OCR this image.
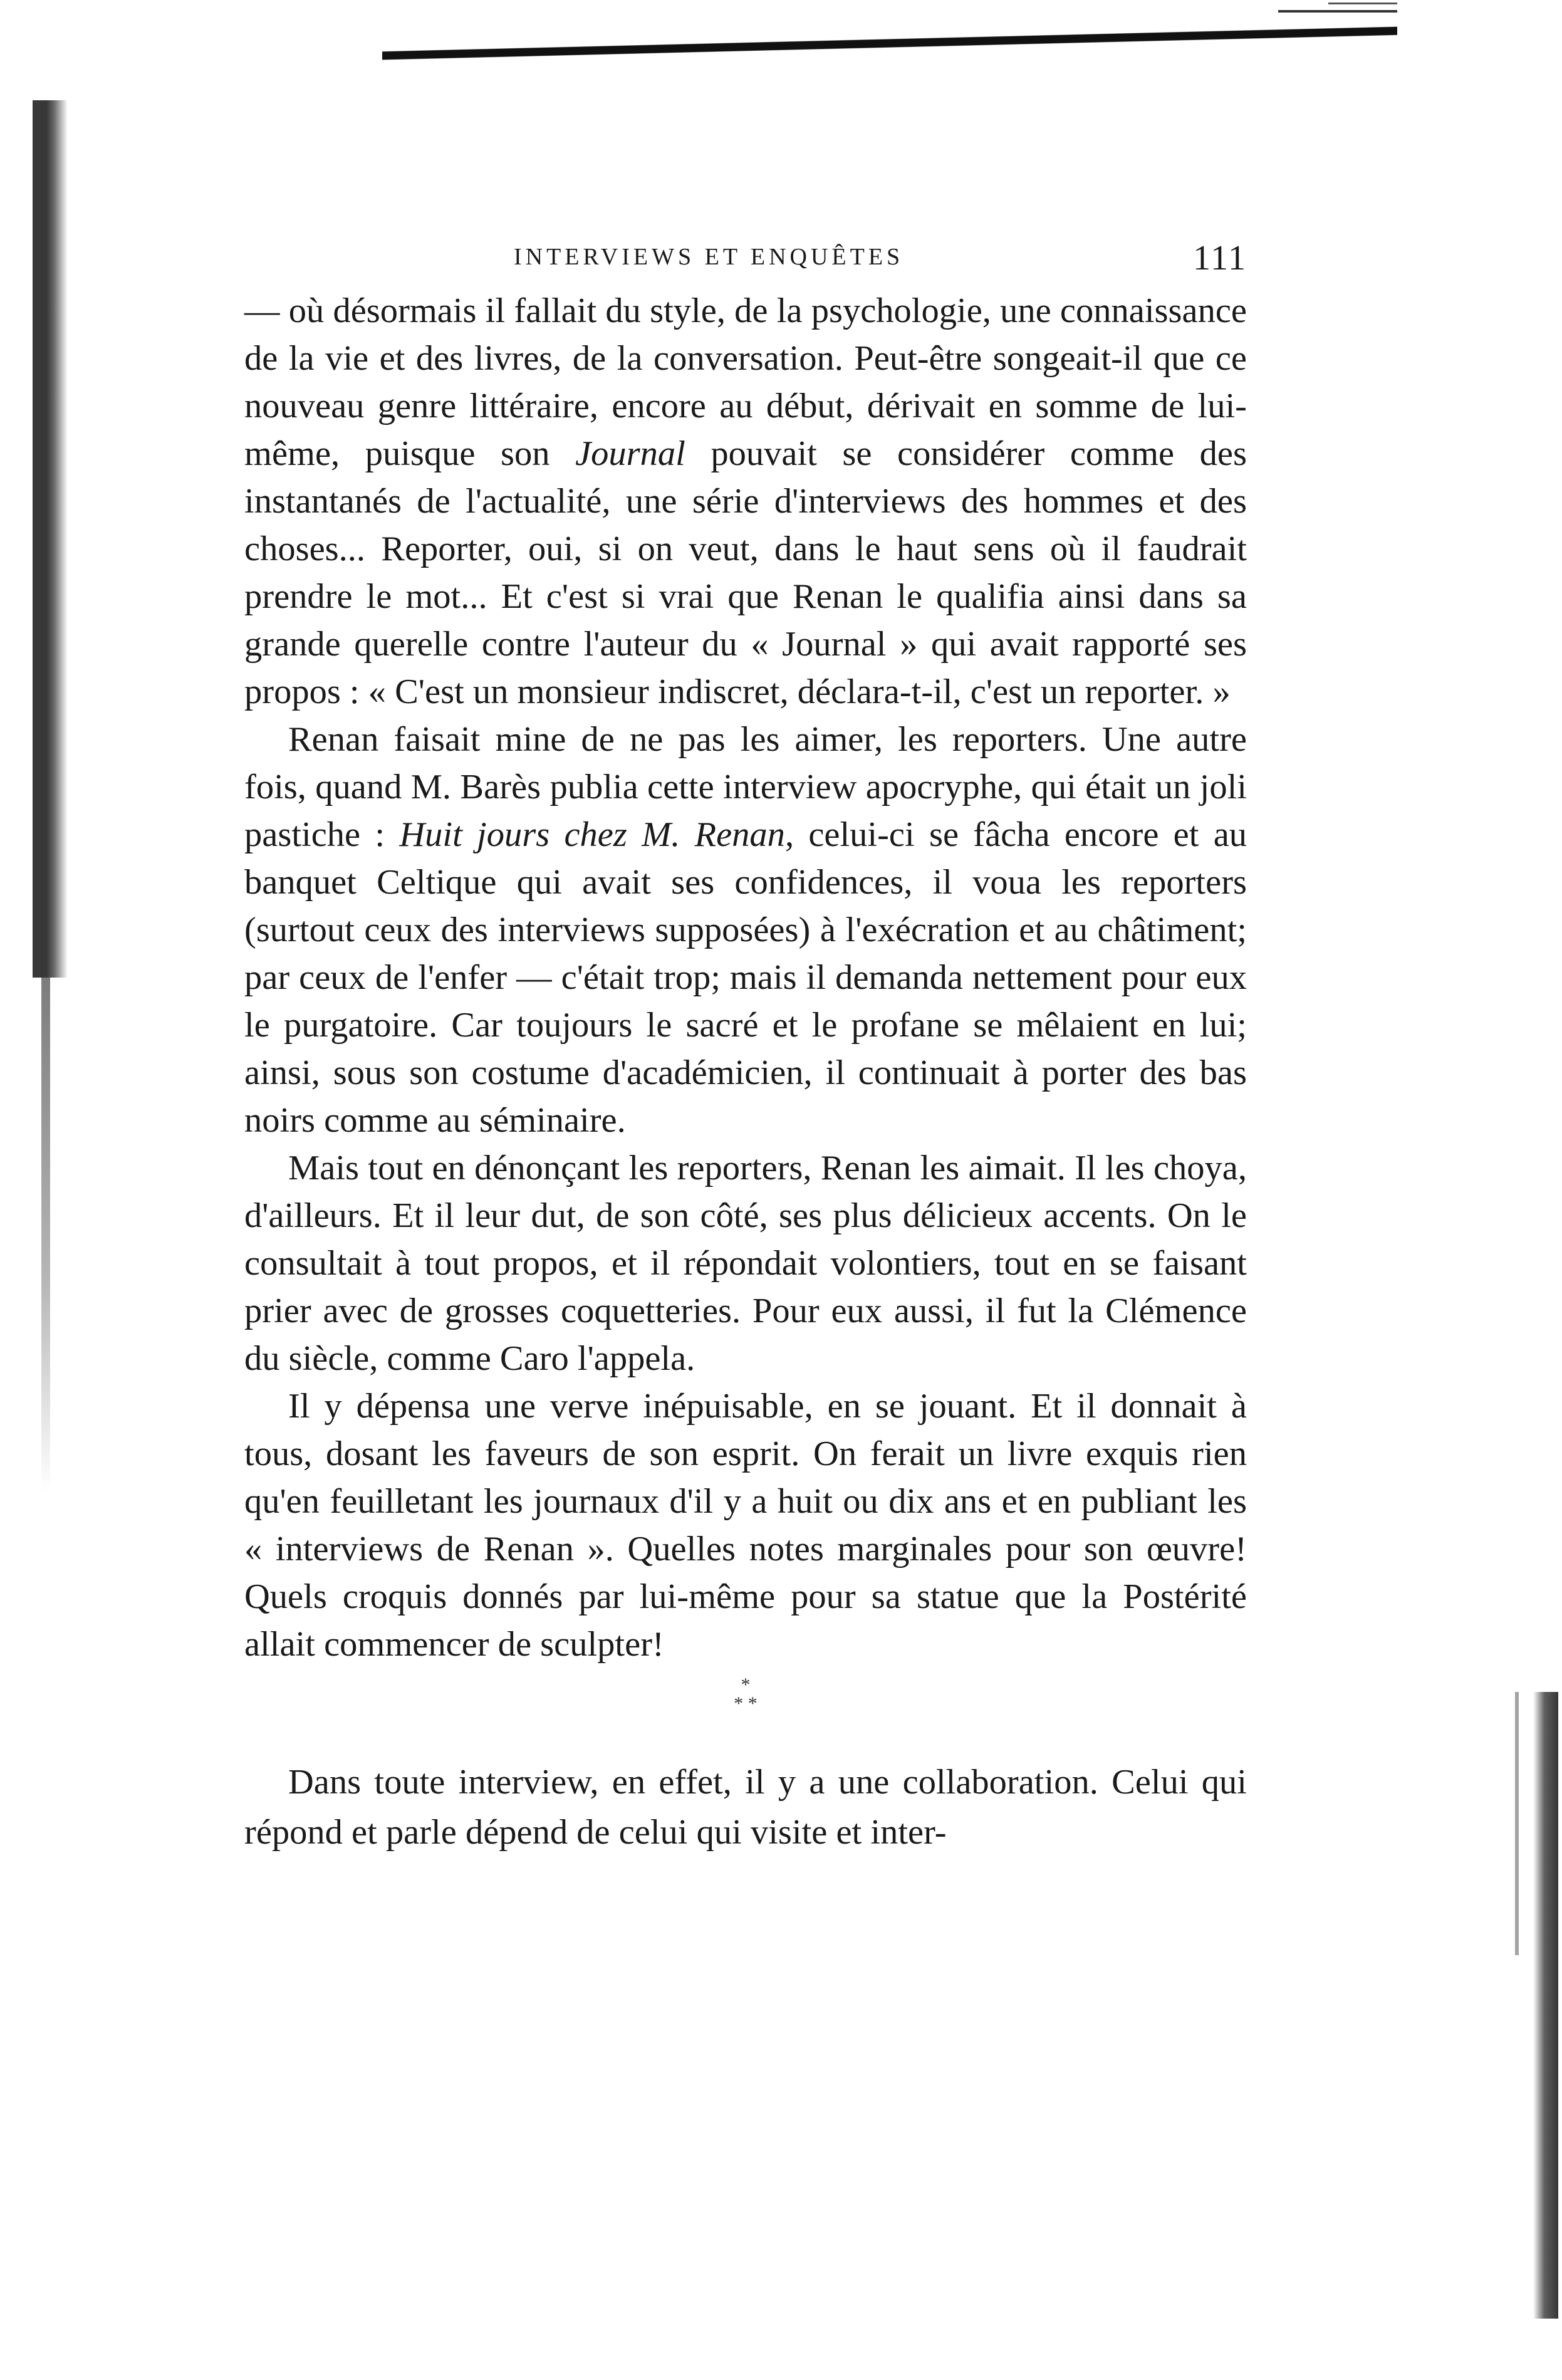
INTERVIEWS ET ENQUÊTES	111

— où désormais il fallait du style, de la psychologie, une connaissance de la vie et des livres, de la conversation. Peut-être songeait-il que ce nouveau genre littéraire, encore au début, dérivait en somme de lui-même, puisque son Journal pouvait se considérer comme des instantanés de l'actualité, une série d'interviews des hommes et des choses... Reporter, oui, si on veut, dans le haut sens où il faudrait prendre le mot... Et c'est si vrai que Renan le qualifia ainsi dans sa grande querelle contre l'auteur du « Journal » qui avait rapporté ses propos : « C'est un monsieur indiscret, déclara-t-il, c'est un reporter. »

Renan faisait mine de ne pas les aimer, les reporters. Une autre fois, quand M. Barès publia cette interview apocryphe, qui était un joli pastiche : Huit jours chez M. Renan, celui-ci se fâcha encore et au banquet Celtique qui avait ses confidences, il voua les reporters (surtout ceux des interviews supposées) à l'exécration et au châtiment; par ceux de l'enfer — c'était trop; mais il demanda nettement pour eux le purgatoire. Car toujours le sacré et le profane se mêlaient en lui; ainsi, sous son costume d'académicien, il continuait à porter des bas noirs comme au séminaire.

Mais tout en dénonçant les reporters, Renan les aimait. Il les choya, d'ailleurs. Et il leur dut, de son côté, ses plus délicieux accents. On le consultait à tout propos, et il répondait volontiers, tout en se faisant prier avec de grosses coquetteries. Pour eux aussi, il fut la Clémence du siècle, comme Caro l'appela.

Il y dépensa une verve inépuisable, en se jouant. Et il donnait à tous, dosant les faveurs de son esprit. On ferait un livre exquis rien qu'en feuilletant les journaux d'il y a huit ou dix ans et en publiant les « interviews de Renan ». Quelles notes marginales pour son œuvre! Quels croquis donnés par lui-même pour sa statue que la Postérité allait commencer de sculpter!

*
* *

Dans toute interview, en effet, il y a une collaboration. Celui qui répond et parle dépend de celui qui visite et inter-
